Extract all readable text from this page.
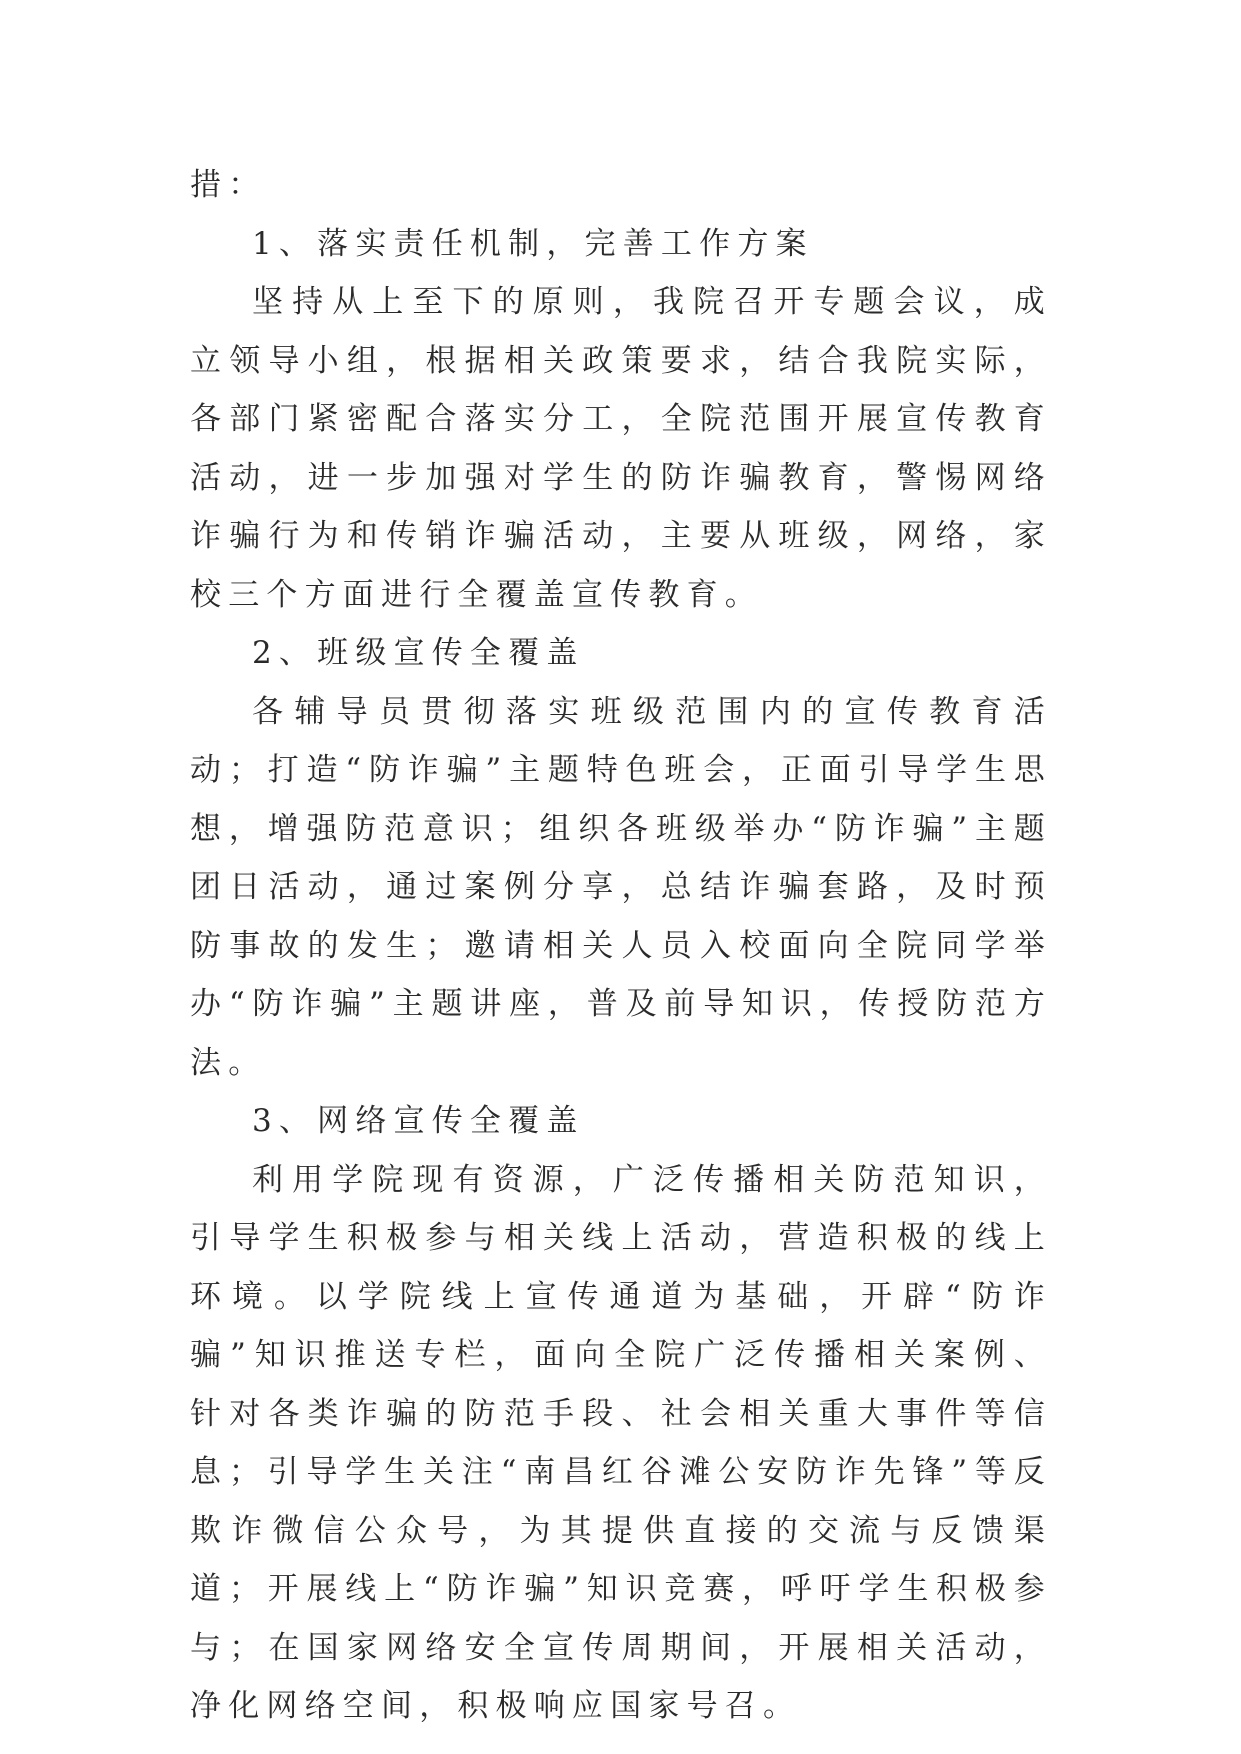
措：

1、落实责任机制，完善工作方案

坚持从上至下的原则，我院召开专题会议，成立领导小组，根据相关政策要求，结合我院实际，各部门紧密配合落实分工，全院范围开展宣传教育活动，进一步加强对学生的防诈骗教育，警惕网络诈骗行为和传销诈骗活动，主要从班级，网络，家校三个方面进行全覆盖宣传教育。

2、班级宣传全覆盖

各辅导员贯彻落实班级范围内的宣传教育活动；打造“防诈骗”主题特色班会，正面引导学生思想，增强防范意识；组织各班级举办“防诈骗”主题团日活动，通过案例分享，总结诈骗套路，及时预防事故的发生；邀请相关人员入校面向全院同学举办“防诈骗”主题讲座，普及前导知识，传授防范方法。

3、网络宣传全覆盖

利用学院现有资源，广泛传播相关防范知识，引导学生积极参与相关线上活动，营造积极的线上环境。以学院线上宣传通道为基础，开辟“防诈骗”知识推送专栏，面向全院广泛传播相关案例、针对各类诈骗的防范手段、社会相关重大事件等信息；引导学生关注“南昌红谷滩公安防诈先锋”等反欺诈微信公众号，为其提供直接的交流与反馈渠道；开展线上“防诈骗”知识竞赛，呼吁学生积极参与；在国家网络安全宣传周期间，开展相关活动，净化网络空间，积极响应国家号召。
